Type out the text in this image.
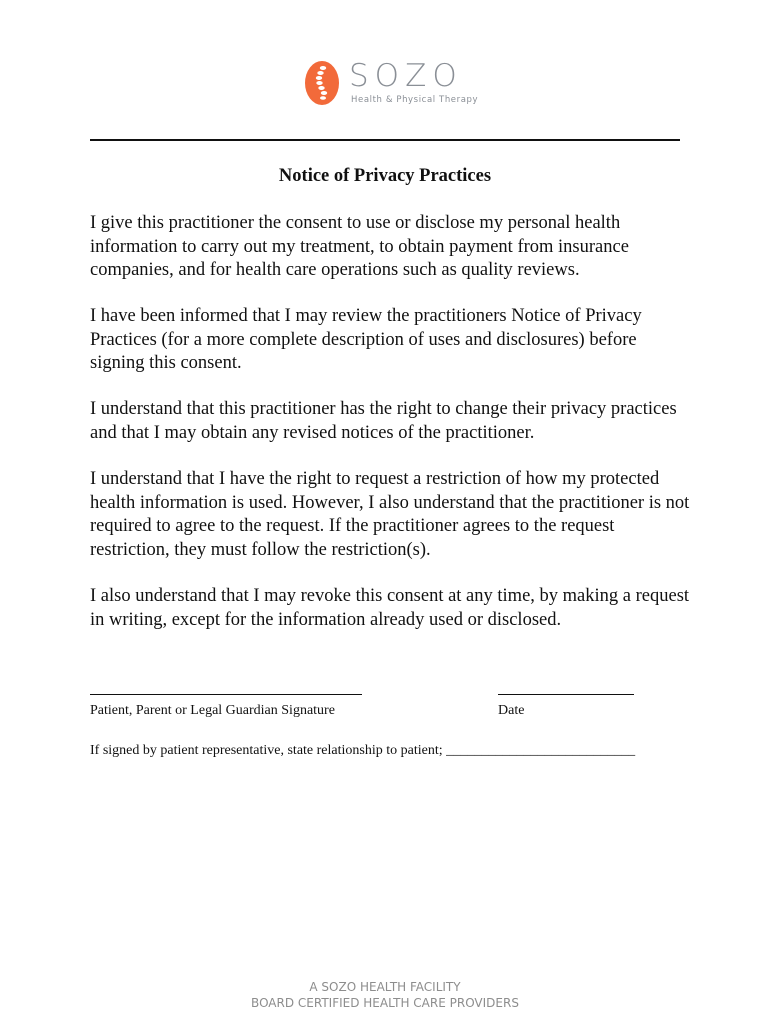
SOZO
Health & Physical Therapy
Notice of Privacy Practices

I give this practitioner the consent to use or disclose my personal health information to carry out my treatment, to obtain payment from insurance companies, and for health care operations such as quality reviews.

I have been informed that I may review the practitioners Notice of Privacy Practices (for a more complete description of uses and disclosures) before signing this consent.

I understand that this practitioner has the right to change their privacy practices and that I may obtain any revised notices of the practitioner.

I understand that I have the right to request a restriction of how my protected health information is used. However, I also understand that the practitioner is not required to agree to the request. If the practitioner agrees to the request restriction, they must follow the restriction(s).

I also understand that I may revoke this consent at any time, by making a request in writing, except for the information already used or disclosed.

Patient, Parent or Legal Guardian Signature	Date
If signed by patient representative, state relationship to patient; ___________________________
A SOZO HEALTH FACILITY
BOARD CERTIFIED HEALTH CARE PROVIDERS
